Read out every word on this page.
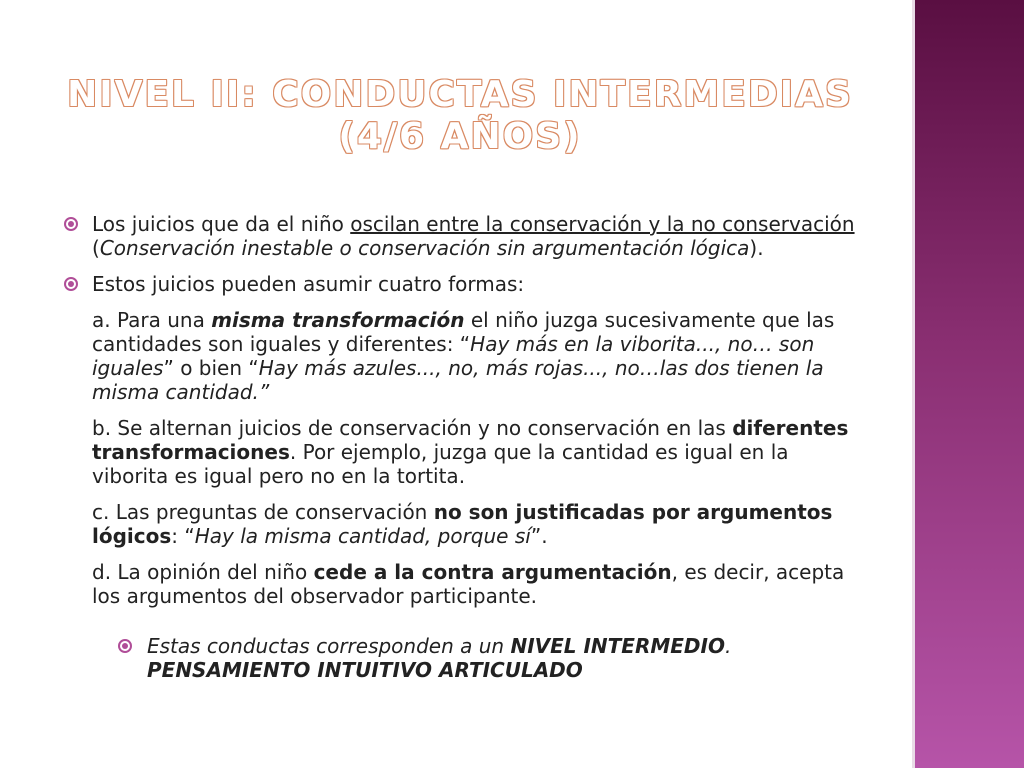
NIVEL II: CONDUCTAS INTERMEDIAS
(4/6 AÑOS)
Los juicios que da el niño oscilan entre la conservación y la no conservación (Conservación inestable o conservación sin argumentación lógica).
Estos juicios pueden asumir cuatro formas:
a. Para una misma transformación el niño juzga sucesivamente que las cantidades son iguales y diferentes: “Hay más en la viborita..., no… son iguales” o bien “Hay más azules..., no, más rojas..., no…las dos tienen la misma cantidad.”
b. Se alternan juicios de conservación y no conservación en las diferentes transformaciones. Por ejemplo, juzga que la cantidad es igual en la viborita es igual pero no en la tortita.
c. Las preguntas de conservación no son justificadas por argumentos lógicos: “Hay la misma cantidad, porque sí”.
d. La opinión del niño cede a la contra argumentación, es decir, acepta los argumentos del observador participante.
Estas conductas corresponden a un NIVEL INTERMEDIO. PENSAMIENTO INTUITIVO ARTICULADO
